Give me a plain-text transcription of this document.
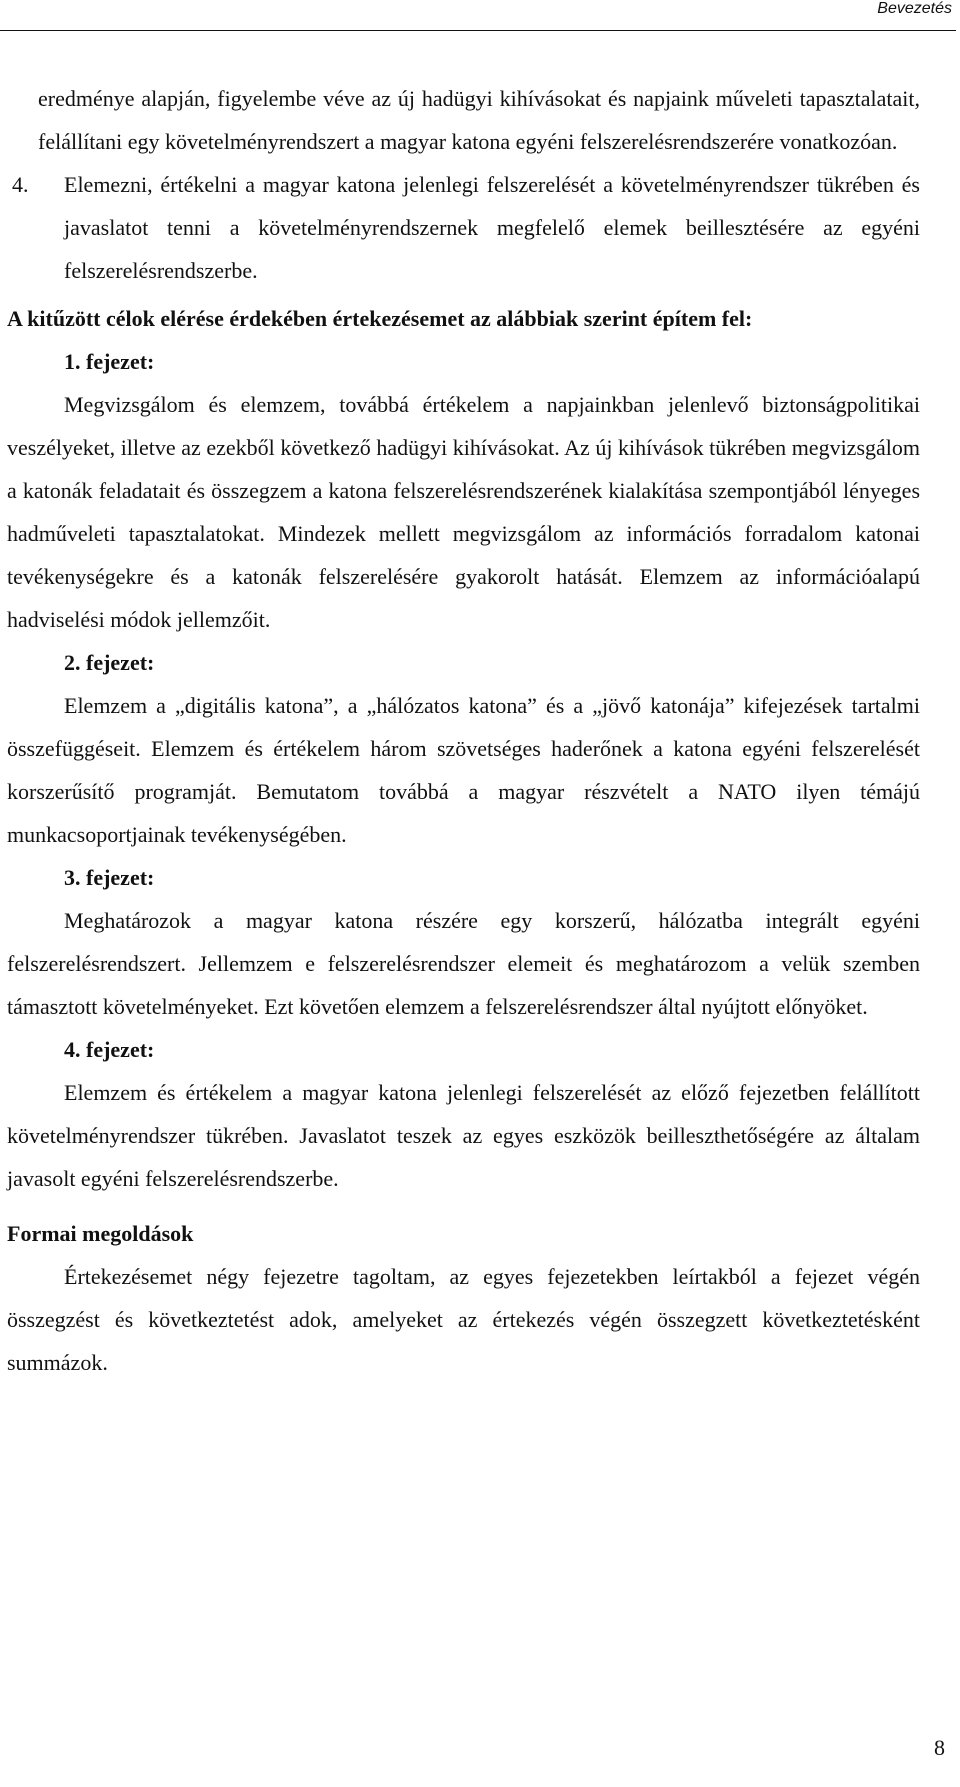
Bevezetés

eredménye alapján, figyelembe véve az új hadügyi kihívásokat és napjaink műveleti tapasztalatait, felállítani egy követelményrendszert a magyar katona egyéni felszerelésrendszerére vonatkozóan.

4. Elemezni, értékelni a magyar katona jelenlegi felszerelését a követelményrendszer tükrében és javaslatot tenni a követelményrendszernek megfelelő elemek beillesztésére az egyéni felszerelésrendszerbe.

A kitűzött célok elérése érdekében értekezésemet az alábbiak szerint építem fel:

1. fejezet:

Megvizsgálom és elemzem, továbbá értékelem a napjainkban jelenlevő biztonságpolitikai veszélyeket, illetve az ezekből következő hadügyi kihívásokat. Az új kihívások tükrében megvizsgálom a katonák feladatait és összegzem a katona felszerelésrendszerének kialakítása szempontjából lényeges hadműveleti tapasztalatokat. Mindezek mellett megvizsgálom az információs forradalom katonai tevékenységekre és a katonák felszerelésére gyakorolt hatását. Elemzem az információalapú hadviselési módok jellemzőit.

2. fejezet:

Elemzem a „digitális katona”, a „hálózatos katona” és a „jövő katonája” kifejezések tartalmi összefüggéseit. Elemzem és értékelem három szövetséges haderőnek a katona egyéni felszerelését korszerűsítő programját. Bemutatom továbbá a magyar részvételt a NATO ilyen témájú munkacsoportjainak tevékenységében.

3. fejezet:

Meghatározok a magyar katona részére egy korszerű, hálózatba integrált egyéni felszerelésrendszert. Jellemzem e felszerelésrendszer elemeit és meghatározom a velük szemben támasztott követelményeket. Ezt követően elemzem a felszerelésrendszer által nyújtott előnyöket.

4. fejezet:

Elemzem és értékelem a magyar katona jelenlegi felszerelését az előző fejezetben felállított követelményrendszer tükrében. Javaslatot teszek az egyes eszközök beilleszthetőségére az általam javasolt egyéni felszerelésrendszerbe.

Formai megoldások

Értekezésemet négy fejezetre tagoltam, az egyes fejezetekben leírtakból a fejezet végén összegzést és következtetést adok, amelyeket az értekezés végén összegzett következtetésként summázok.

8
